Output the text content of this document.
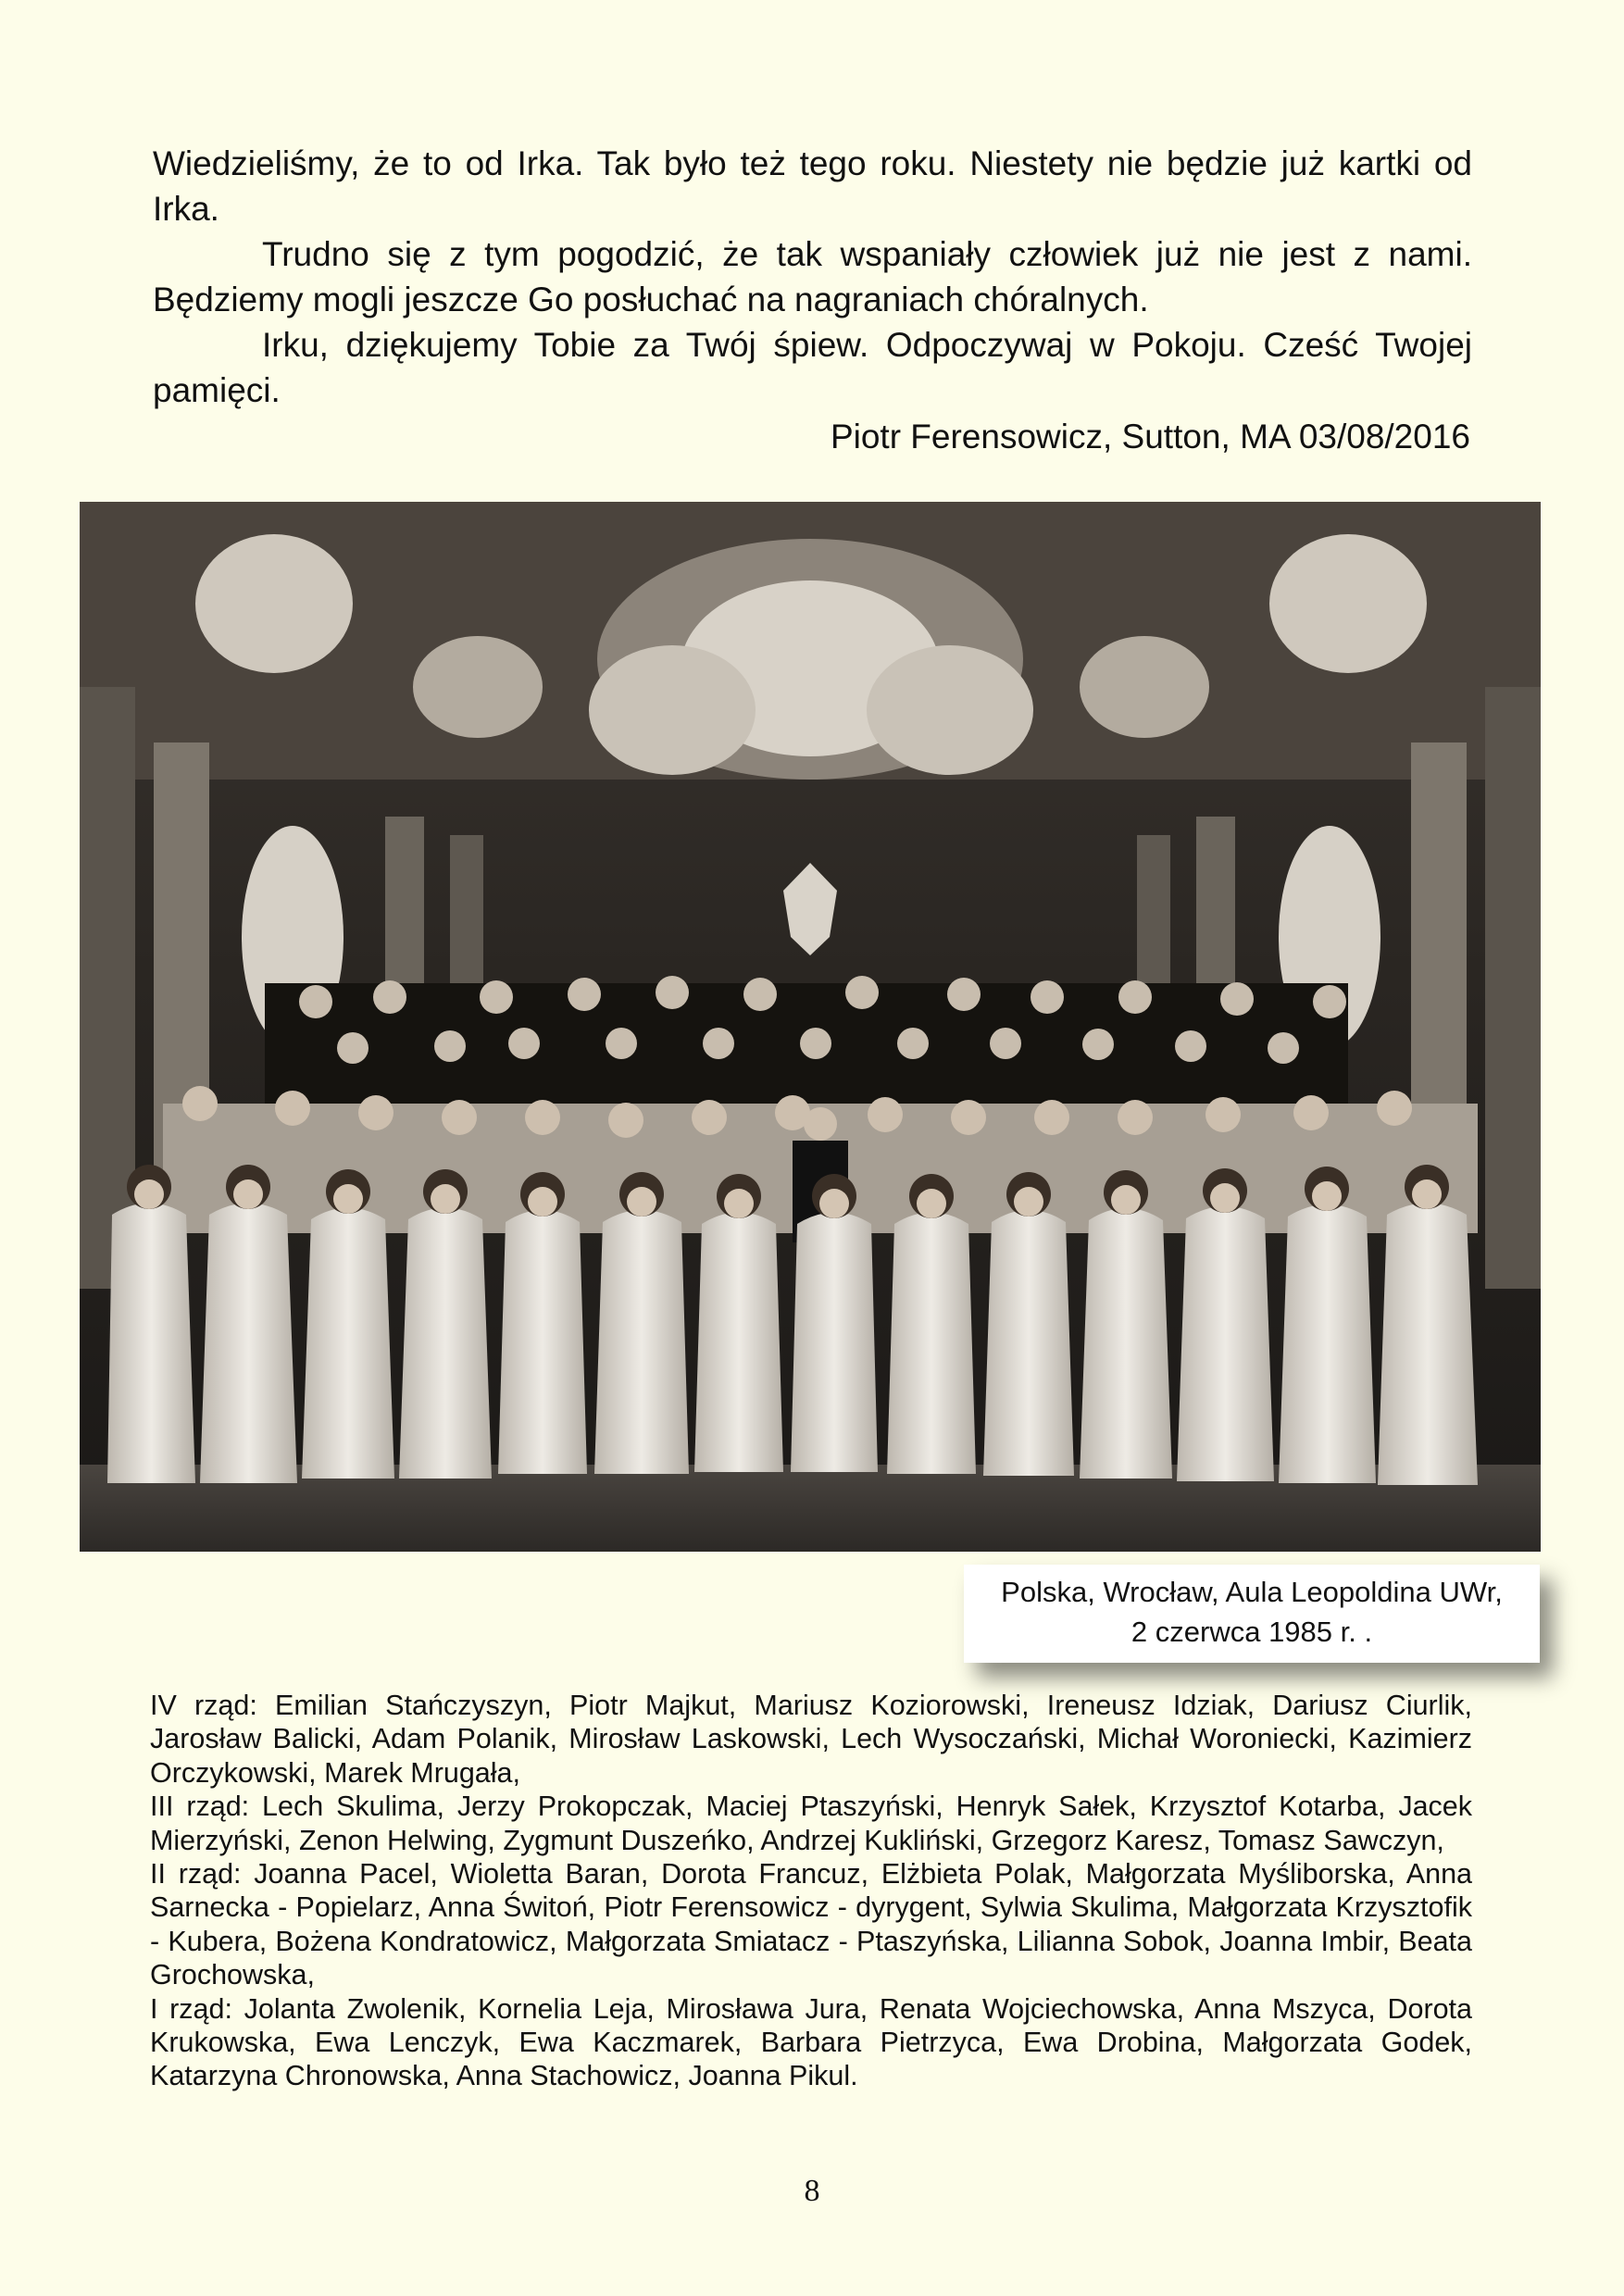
Wiedzieliśmy, że to od Irka. Tak było też tego roku. Niestety nie będzie już kartki od Irka.

Trudno się z tym pogodzić, że tak wspaniały człowiek już nie jest z nami. Będziemy mogli jeszcze Go posłuchać na nagraniach chóralnych.

Irku, dziękujemy Tobie za Twój śpiew. Odpoczywaj w Pokoju. Cześć Twojej pamięci.

Piotr Ferensowicz, Sutton, MA 03/08/2016
Polska, Wrocław, Aula Leopoldina UWr,
2 czerwca 1985 r. .

IV rząd: Emilian Stańczyszyn, Piotr Majkut, Mariusz Koziorowski, Ireneusz Idziak, Dariusz Ciurlik, Jarosław Balicki, Adam Polanik, Mirosław Laskowski, Lech Wysoczański, Michał Woroniecki, Kazimierz Orczykowski, Marek Mrugała,

III rząd: Lech Skulima, Jerzy Prokopczak, Maciej Ptaszyński, Henryk Sałek, Krzysztof Kotarba, Jacek Mierzyński, Zenon Helwing, Zygmunt Duszeńko, Andrzej Kukliński, Grzegorz Karesz, Tomasz Sawczyn,

II rząd: Joanna Pacel, Wioletta Baran, Dorota Francuz, Elżbieta Polak, Małgorzata Myśliborska, Anna Sarnecka - Popielarz, Anna Świtoń, Piotr Ferensowicz - dyrygent, Sylwia Skulima, Małgorzata Krzysztofik - Kubera, Bożena Kondratowicz, Małgorzata Smiatacz - Ptaszyńska, Lilianna Sobok, Joanna Imbir, Beata Grochowska,

I rząd: Jolanta Zwolenik, Kornelia Leja, Mirosława Jura, Renata Wojciechowska, Anna Mszyca, Dorota Krukowska, Ewa Lenczyk, Ewa Kaczmarek, Barbara Pietrzyca, Ewa Drobina, Małgorzata Godek, Katarzyna Chronowska, Anna Stachowicz, Joanna Pikul.

8
